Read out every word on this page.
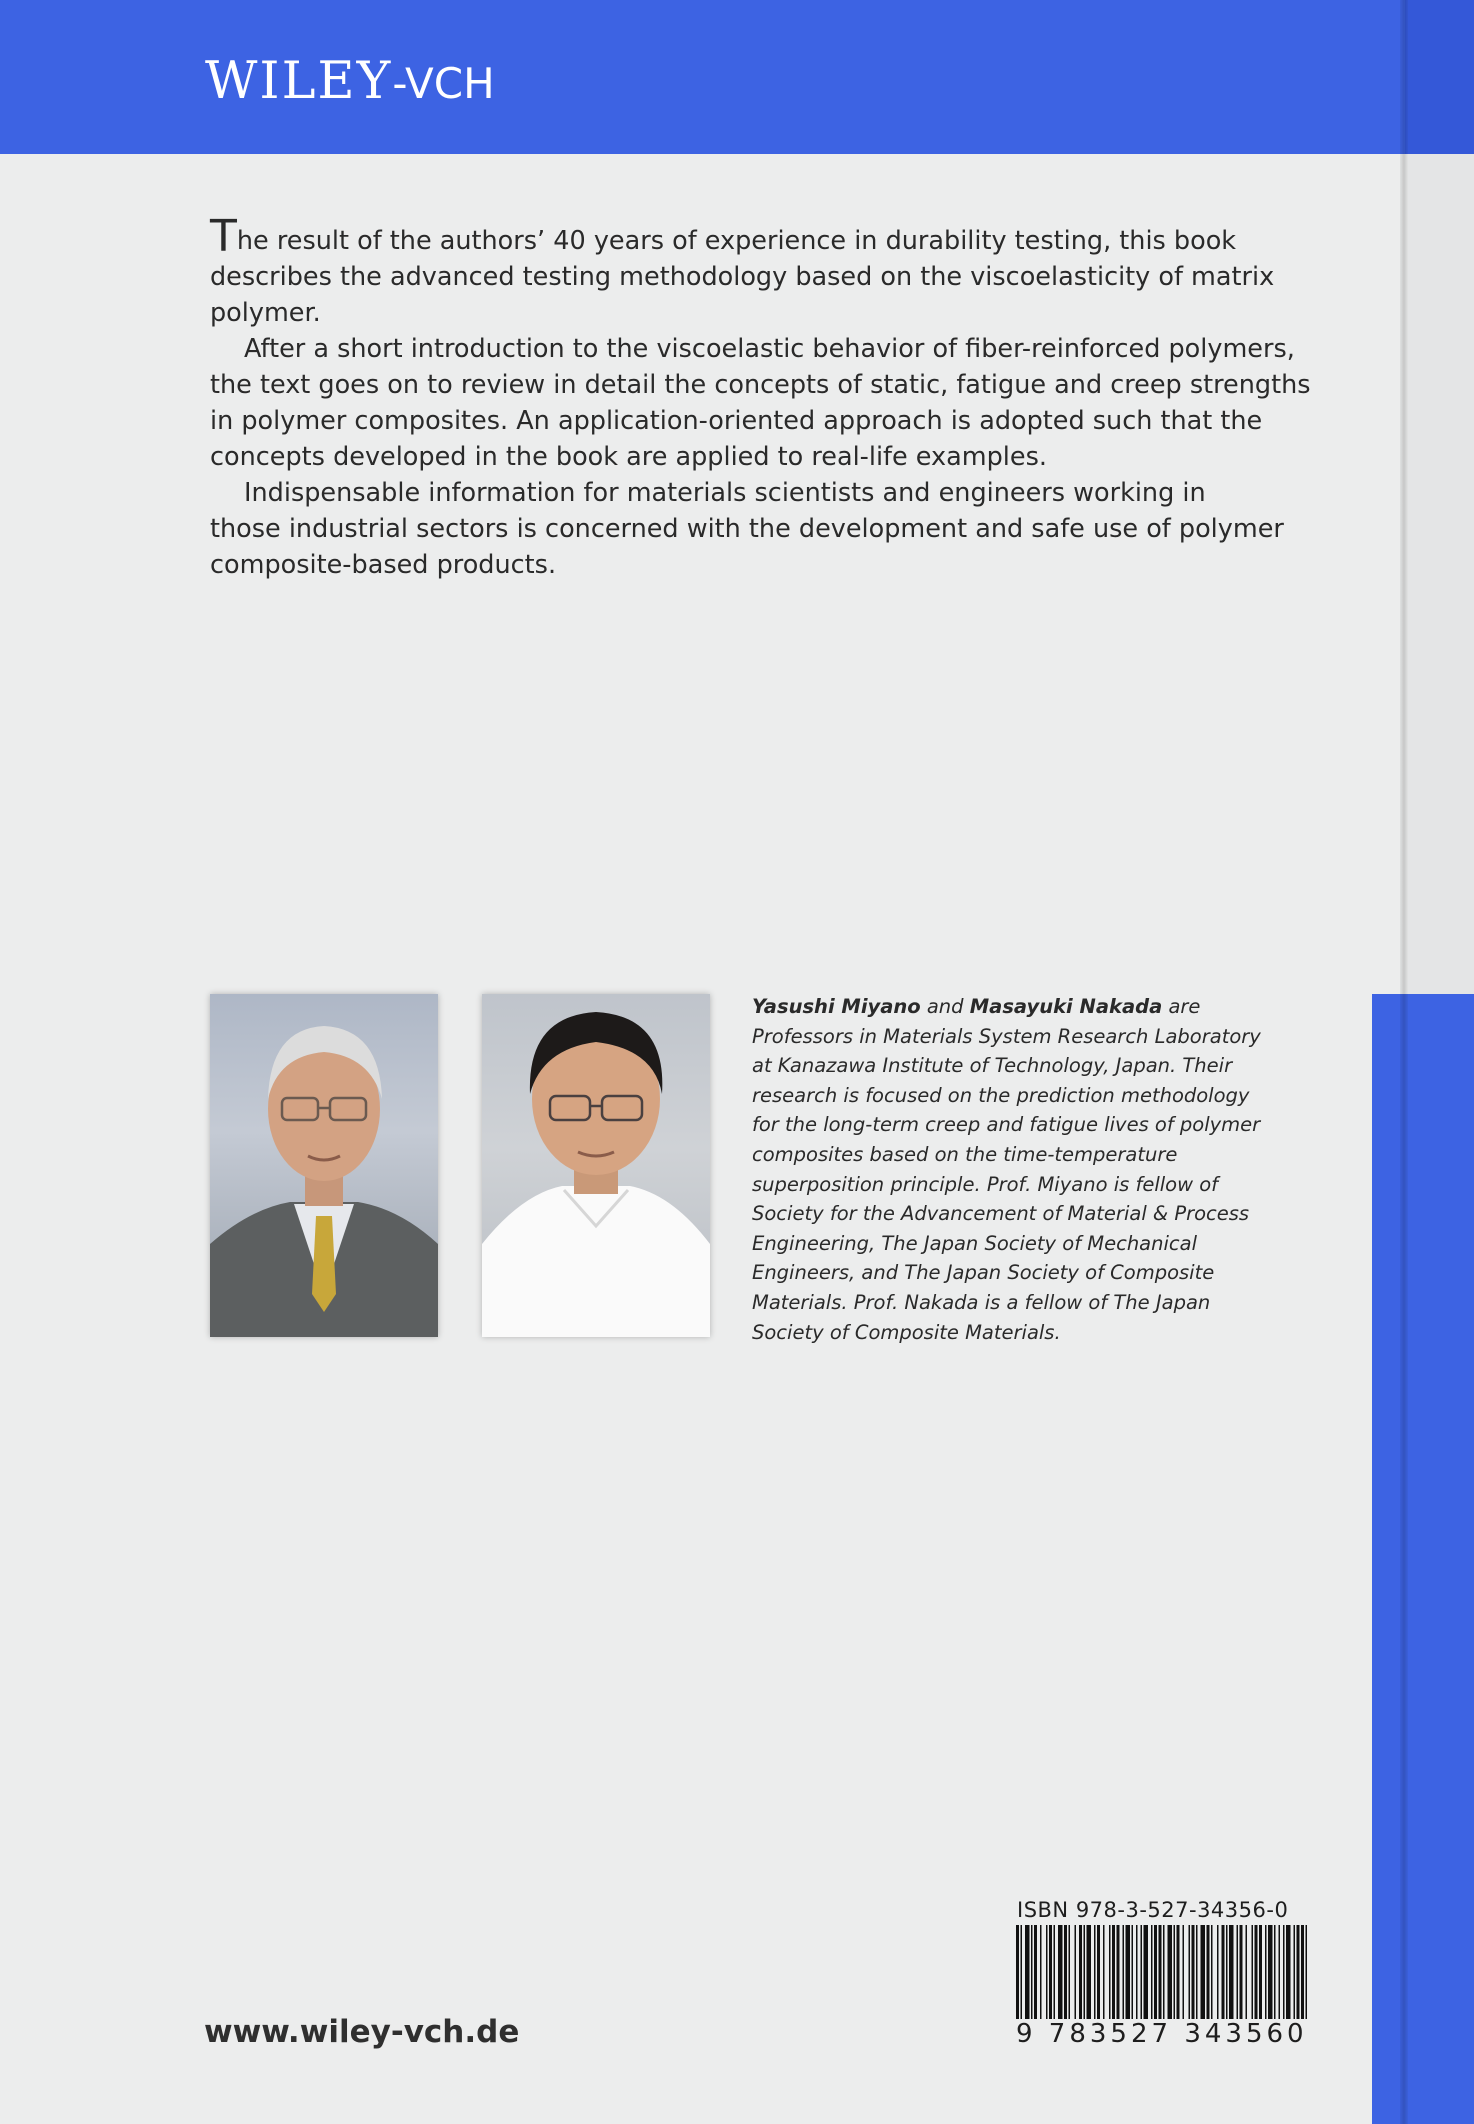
WILEY-VCH

The result of the authors’ 40 years of experience in durability testing, this book

describes the advanced testing methodology based on the viscoelasticity of matrix

polymer.

After a short introduction to the viscoelastic behavior of fiber-reinforced polymers,

the text goes on to review in detail the concepts of static, fatigue and creep strengths

in polymer composites. An application-oriented approach is adopted such that the

concepts developed in the book are applied to real-life examples.

Indispensable information for materials scientists and engineers working in

those industrial sectors is concerned with the development and safe use of polymer

composite-based products.

Yasushi Miyano and Masayuki Nakada are

Professors in Materials System Research Laboratory

at Kanazawa Institute of Technology, Japan. Their

research is focused on the prediction methodology

for the long-term creep and fatigue lives of polymer

composites based on the time-temperature

superposition principle. Prof. Miyano is fellow of

Society for the Advancement of Material & Process

Engineering, The Japan Society of Mechanical

Engineers, and The Japan Society of Composite

Materials. Prof. Nakada is a fellow of The Japan

Society of Composite Materials.

ISBN 978-3-527-34356-0
9 783527 343560
www.wiley-vch.de
